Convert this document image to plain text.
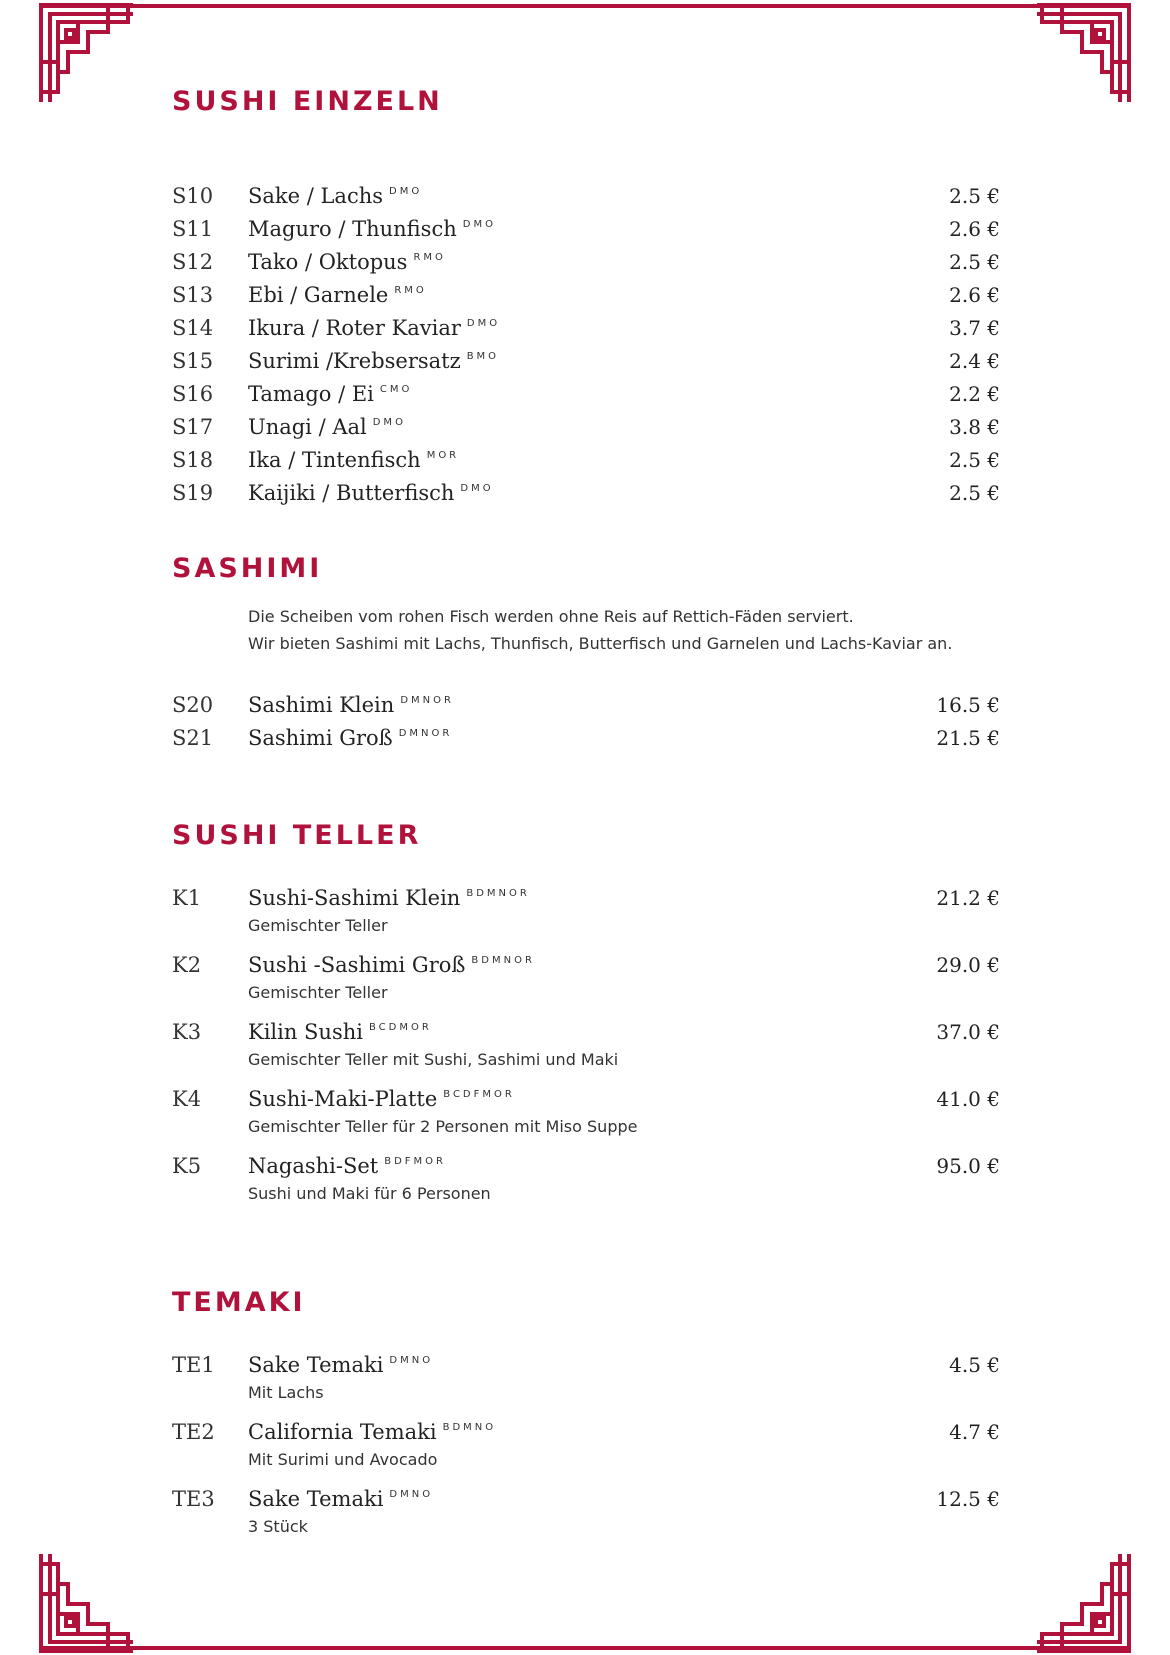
SUSHI EINZELN
S10 Sake / Lachs $^{DMO}$	2.5 €
S11 Maguro / Thunfisch $^{DMO}$	2.6 €
S12 Tako / Oktopus $^{RMO}$	2.5 €
S13 Ebi / Garnele $^{RMO}$	2.6 €
S14 Ikura / Roter Kaviar $^{DMO}$	3.7 €
S15 Surimi /Krebsersatz $^{BMO}$	2.4 €
S16 Tamago / Ei $^{CMO}$	2.2 €
S17 Unagi / Aal $^{DMO}$	3.8 €
S18 Ika / Tintenfisch $^{MOR}$	2.5 €
S19 Kaijiki / Butterfisch $^{DMO}$	2.5 €
SASHIMI
Die Scheiben vom rohen Fisch werden ohne Reis auf Rettich-Fäden serviert.
Wir bieten Sashimi mit Lachs, Thunfisch, Butterfisch und Garnelen und Lachs-Kaviar an.
S20 Sashimi Klein $^{DMNOR}$	16.5 €
S21 Sashimi Groß $^{DMNOR}$	21.5 €
SUSHI TELLER
K1 Sushi-Sashimi Klein $^{BDMNOR}$	21.2 €
Gemischter Teller
K2 Sushi -Sashimi Groß $^{BDMNOR}$	29.0 €
Gemischter Teller
K3 Kilin Sushi $^{BCDMOR}$	37.0 €
Gemischter Teller mit Sushi, Sashimi und Maki
K4 Sushi-Maki-Platte $^{BCDFMOR}$	41.0 €
Gemischter Teller für 2 Personen mit Miso Suppe
K5 Nagashi-Set $^{BDFMOR}$	95.0 €
Sushi und Maki für 6 Personen
TEMAKI
TE1 Sake Temaki $^{DMNO}$	4.5 €
Mit Lachs
TE2 California Temaki $^{BDMNO}$	4.7 €
Mit Surimi und Avocado
TE3 Sake Temaki $^{DMNO}$	12.5 €
3 Stück
